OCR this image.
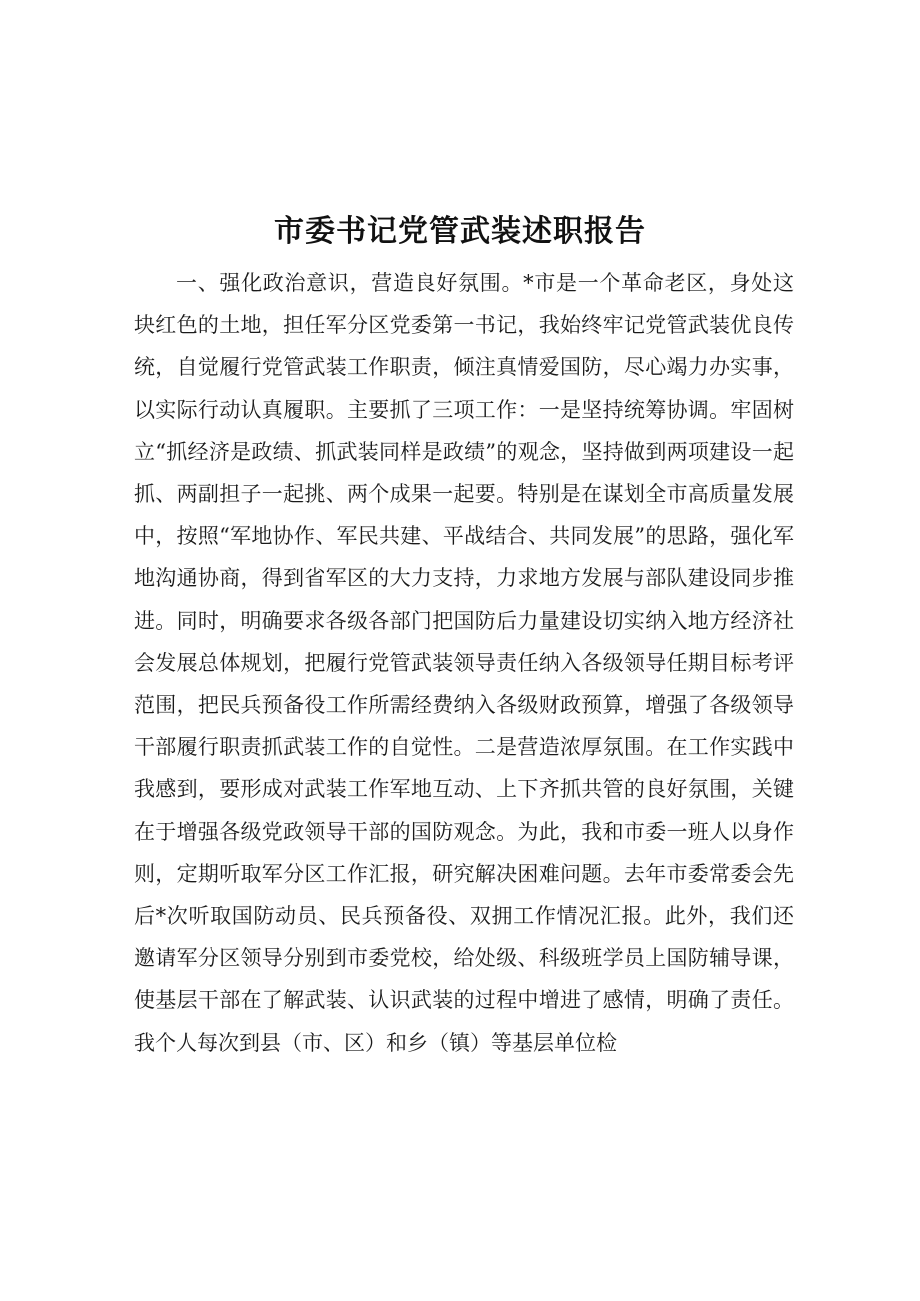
市委书记党管武装述职报告

一、强化政治意识，营造良好氛围。*市是一个革命老区，身处这块红色的土地，担任军分区党委第一书记，我始终牢记党管武装优良传统，自觉履行党管武装工作职责，倾注真情爱国防，尽心竭力办实事，以实际行动认真履职。主要抓了三项工作：一是坚持统筹协调。牢固树立“抓经济是政绩、抓武装同样是政绩”的观念，坚持做到两项建设一起抓、两副担子一起挑、两个成果一起要。特别是在谋划全市高质量发展中，按照“军地协作、军民共建、平战结合、共同发展”的思路，强化军地沟通协商，得到省军区的大力支持，力求地方发展与部队建设同步推进。同时，明确要求各级各部门把国防后力量建设切实纳入地方经济社会发展总体规划，把履行党管武装领导责任纳入各级领导任期目标考评范围，把民兵预备役工作所需经费纳入各级财政预算，增强了各级领导干部履行职责抓武装工作的自觉性。二是营造浓厚氛围。在工作实践中我感到，要形成对武装工作军地互动、上下齐抓共管的良好氛围，关键在于增强各级党政领导干部的国防观念。为此，我和市委一班人以身作则，定期听取军分区工作汇报，研究解决困难问题。去年市委常委会先后*次听取国防动员、民兵预备役、双拥工作情况汇报。此外，我们还邀请军分区领导分别到市委党校，给处级、科级班学员上国防辅导课，使基层干部在了解武装、认识武装的过程中增进了感情，明确了责任。我个人每次到县（市、区）和乡（镇）等基层单位检
